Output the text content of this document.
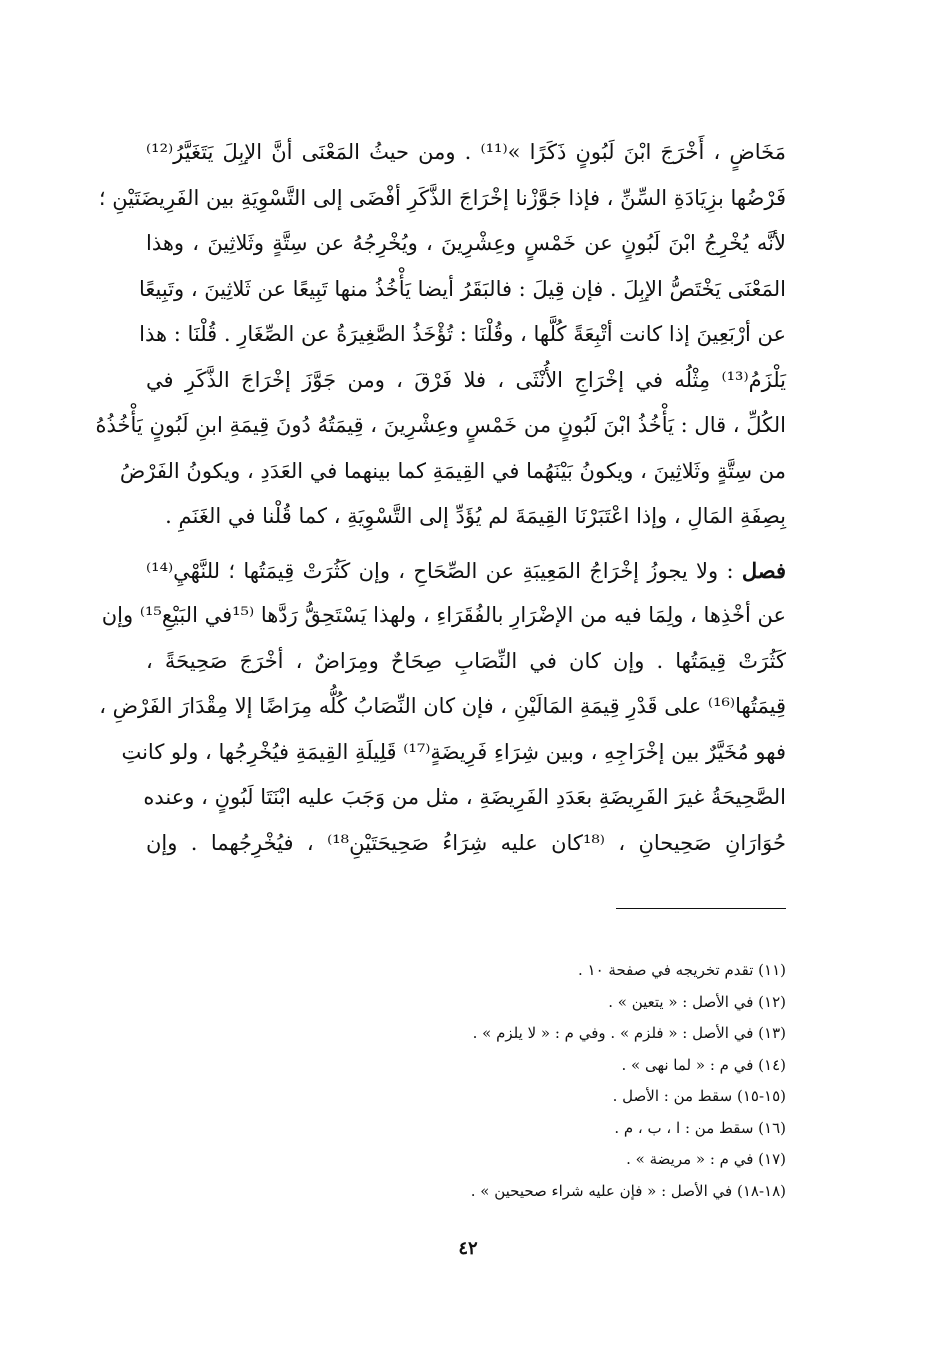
مَخَاضٍ ، أَخْرَجَ ابْنَ لَبُونٍ ذَكَرًا »⁽¹¹⁾ . ومن حيثُ المَعْنَى أنَّ الإبِلَ يَتَغَيَّرُ⁽¹²⁾
فَرْضُها بزِيَادَةِ السِّنِّ ، فإذا جَوَّزْنا إخْرَاجَ الذَّكَرِ أفْضَى إلى التَّسْوِيَةِ بين الفَرِيضَتَيْنِ ؛
لأنَّه يُخْرِجُ ابْنَ لَبُونٍ عن خَمْسٍ وعِشْرِينَ ، ويُخْرِجُهُ عن سِتَّةٍ وثَلاثِينَ ، وهذا
المَعْنَى يَخْتَصُّ الإبِلَ . فإن قِيلَ : فالبَقَرُ أيضا يَأْخُذُ منها تَبِيعًا عن ثَلاثِينَ ، وتَبِيعًا
عن أرْبَعِينَ إذا كانت أتْبِعَةً كُلَّها ، وقُلْنَا : تُؤْخَذُ الصَّغِيرَةُ عن الصِّغَارِ . قُلْنَا : هذا
يَلْزَمُ⁽¹³⁾ مِثْلُه في إخْرَاجِ الأُنْثَى ، فلا فَرْقَ ، ومن جَوَّزَ إخْرَاجَ الذَّكَرِ في
الكُلِّ ، قال : يَأْخُذُ ابْنَ لَبُونٍ من خَمْسٍ وعِشْرِينَ ، قِيمَتُهُ دُونَ قِيمَةِ ابنِ لَبُونٍ يَأْخُذُهُ
من سِتَّةٍ وثَلاثِينَ ، ويكونُ بَيْنَهُما في القِيمَةِ كما بينهما في العَدَدِ ، ويكونُ الفَرْضُ
بِصِفَةِ المَالِ ، وإذا اعْتَبَرْنَا القِيمَةَ لم يُؤَدِّ إلى التَّسْوِيَةِ ، كما قُلْنا في الغَنَمِ .
فصل : ولا يجوزُ إخْرَاجُ المَعِيبَةِ عن الصِّحَاحِ ، وإن كَثُرَتْ قِيمَتُها ؛ للنَّهْيِ⁽¹⁴⁾
عن أخْذِها ، ولِمَا فيه من الإضْرَارِ بالفُقَرَاءِ ، ولهذا يَسْتَحِقُّ رَدَّها ⁽¹⁵في البَيْعِ¹⁵⁾ وإن
كَثُرَتْ قِيمَتُها . وإن كان في النِّصَابِ صِحَاحٌ ومِرَاضٌ ، أخْرَجَ صَحِيحَةً ،
قِيمَتُها⁽¹⁶⁾ على قَدْرِ قِيمَةِ المَالَيْنِ ، فإن كان النِّصَابُ كُلُّه مِرَاضًا إلا مِقْدَارَ الفَرْضِ ،
فهو مُخَيَّرٌ بين إخْرَاجِهِ ، وبين شِرَاءِ فَرِيضَةٍ⁽¹⁷⁾ قَلِيلَةِ القِيمَةِ فيُخْرِجُها ، ولو كانتِ
الصَّحِيحَةُ غيرَ الفَرِيضَةِ بعَدَدِ الفَرِيضَةِ ، مثل من وَجَبَ عليه ابْنَتَا لَبُونٍ ، وعنده
حُوَارَانِ صَحِيحانِ ، ⁽¹⁸كان عليه شِرَاءُ صَحِيحَتَيْنِ¹⁸⁾ ، فيُخْرِجُهما . وإن
(١١) تقدم تخريجه في صفحة ١٠ .
(١٢) في الأصل : « يتعين » .
(١٣) في الأصل : « فلزم » . وفي م : « لا يلزم » .
(١٤) في م : « لما نهى » .
(١٥-١٥) سقط من : الأصل .
(١٦) سقط من : ا ، ب ، م .
(١٧) في م : « مريضة » .
(١٨-١٨) في الأصل : « فإن عليه شراء صحيحين » .
٤٢
